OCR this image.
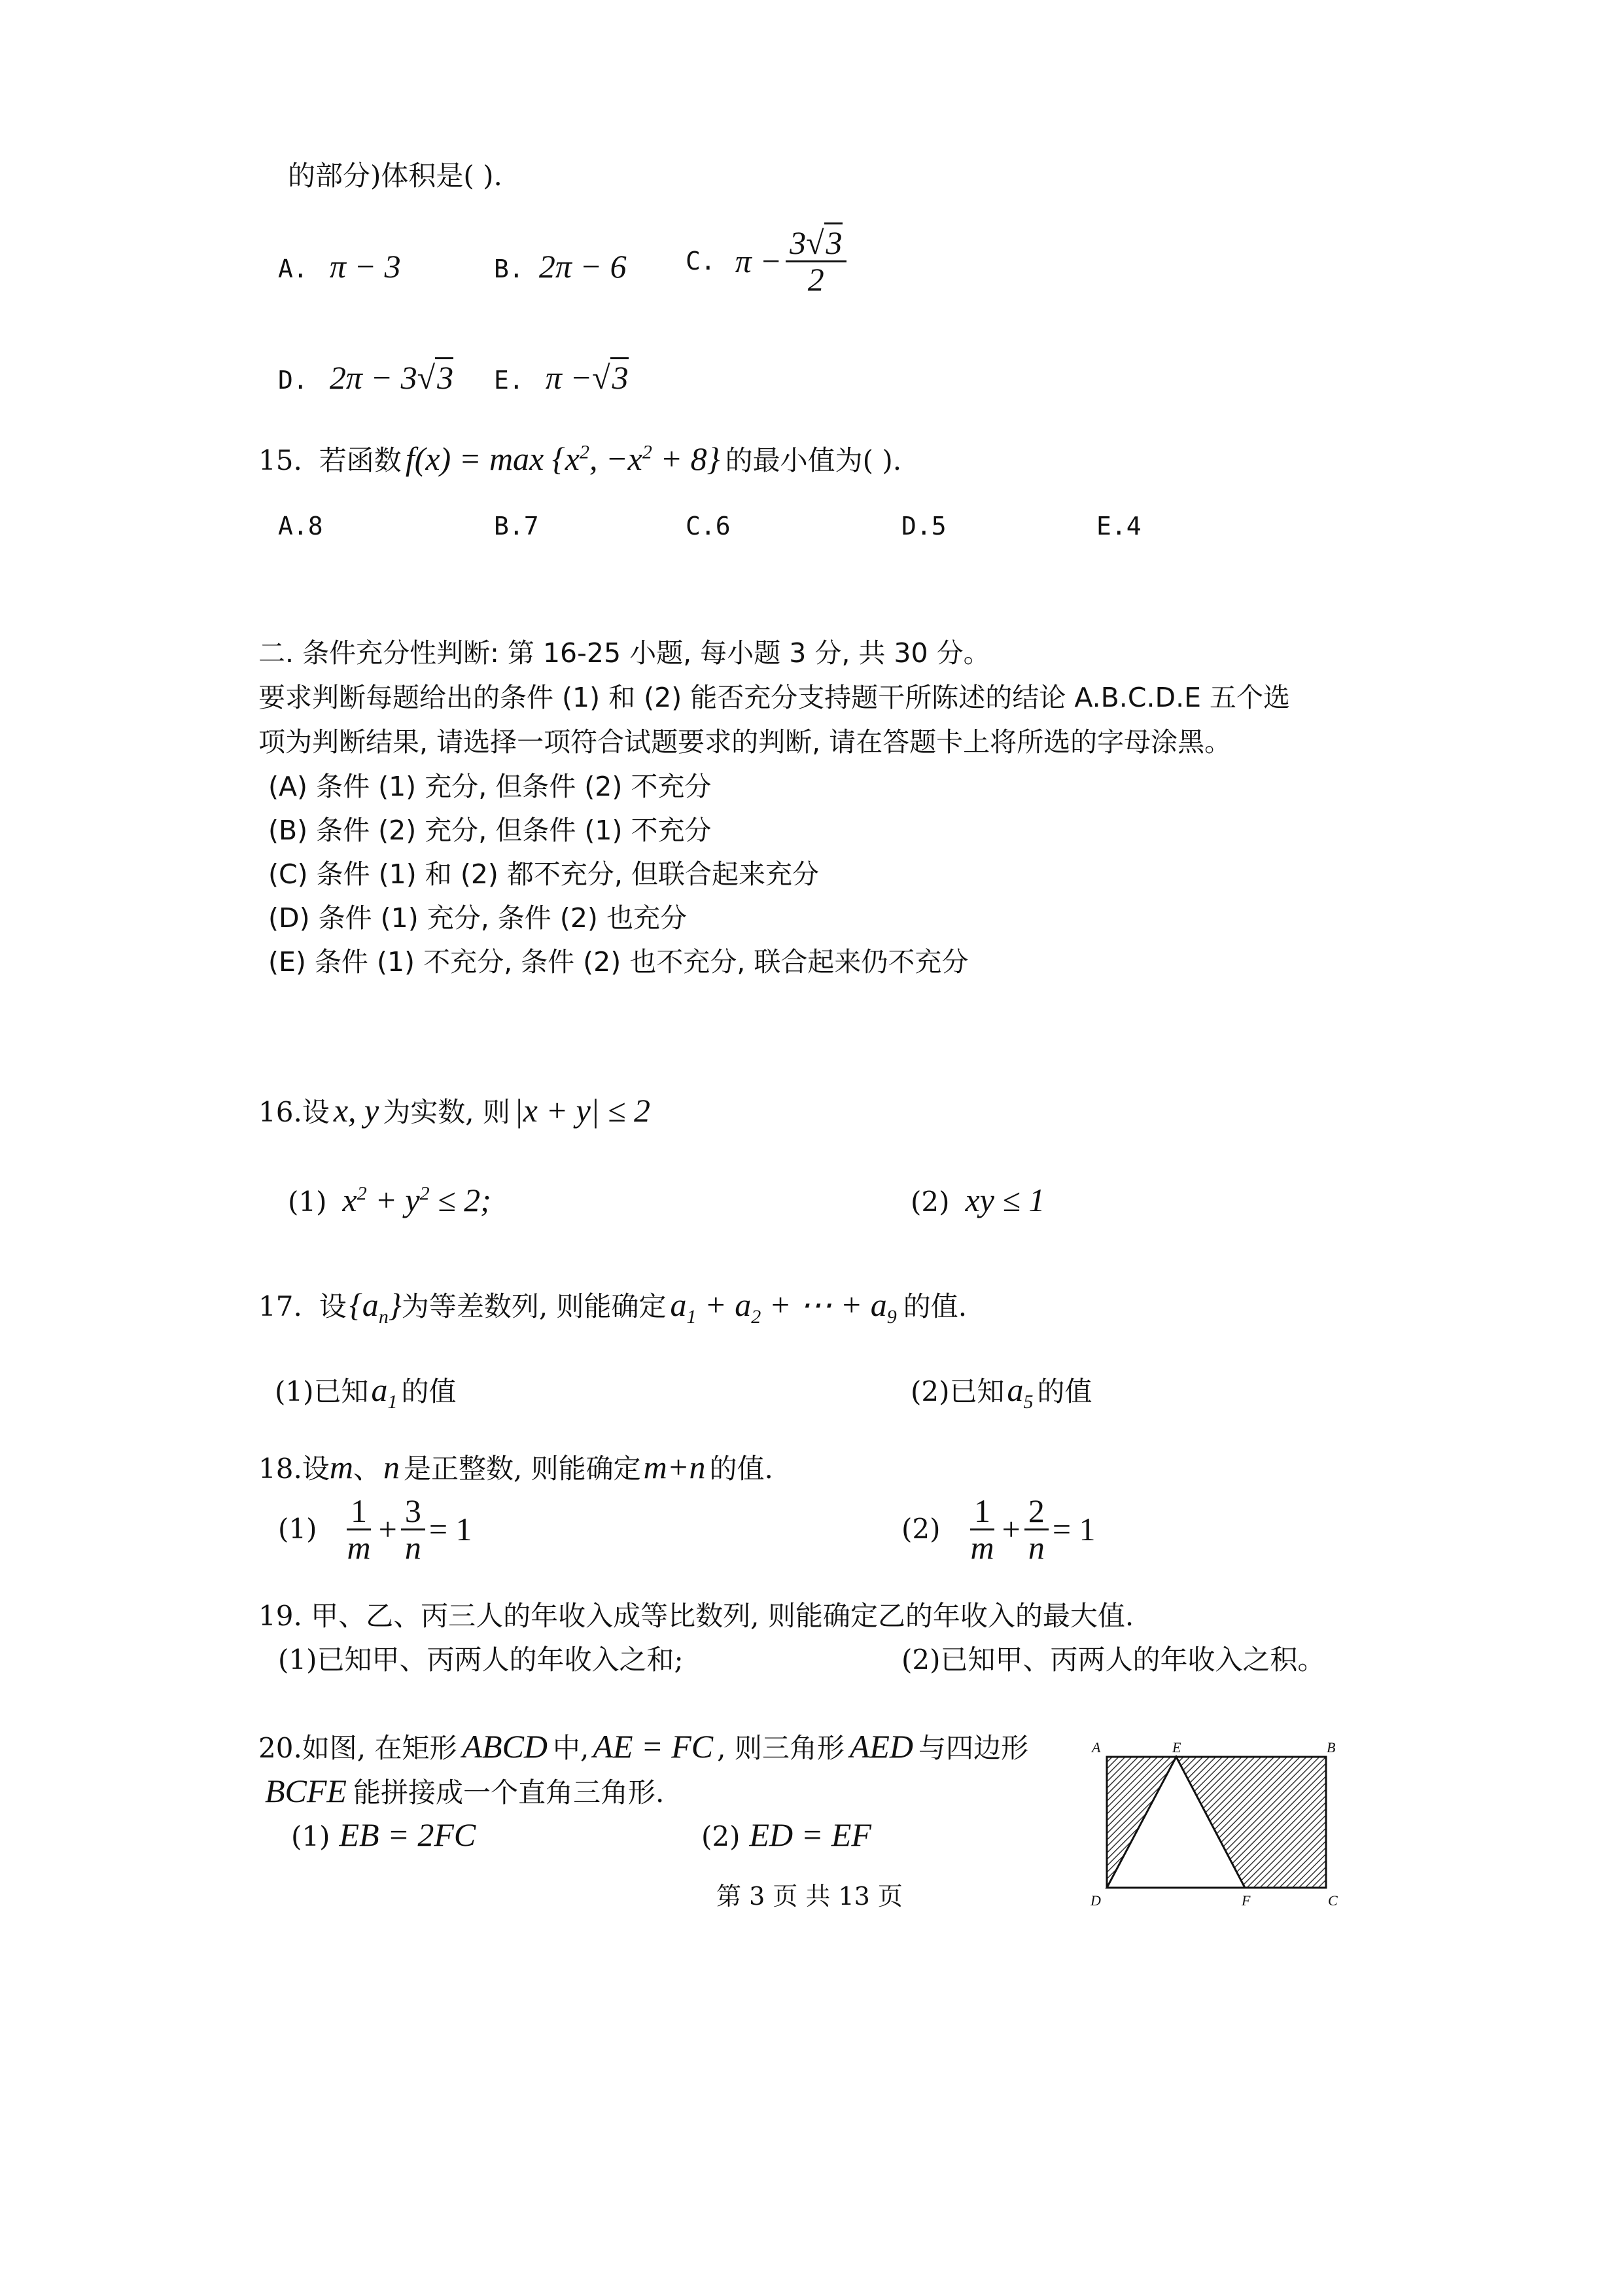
的部分)体积是( ).
A. π − 3	B. 2π − 6 C. $\pi - \frac{3√3}{2}$
D. 2π − 3√3 E. π −√3
15. 若函数 $f(x) = \max \{x^2$, $-x^2 + 8$} 的最小值为( ).
A.8	B.7	C.6	D.5	E.4
二. 条件充分性判断: 第 16-25 小题, 每小题 3 分, 共 30 分。
要求判断每题给出的条件 (1) 和 (2) 能否充分支持题干所陈述的结论 A.B.C.D.E 五个选
项为判断结果, 请选择一项符合试题要求的判断, 请在答题卡上将所选的字母涂黑。
(A) 条件 (1) 充分, 但条件 (2) 不充分
(B) 条件 (2) 充分, 但条件 (1) 不充分
(C) 条件 (1) 和 (2) 都不充分, 但联合起来充分
(D) 条件 (1) 充分, 条件 (2) 也充分
(E) 条件 (1) 不充分, 条件 (2) 也不充分, 联合起来仍不充分
16. 设 x, y 为实数, 则 |x + y| ≤ 2
(1) $x^2 + y^2 \le 2$;	(2) xy ≤ 1
17. 设 $\{a_n\}$ 为等差数列, 则能确定 $a_1 + a_2$ + ⋯ + $a_9$ 的值.
(1)已知 $a_1$ 的值	(2)已知 $a_5$ 的值
18. 设 m 、 n 是正整数, 则能确定 m+n 的值.
$(1) \frac{1}{m} + \frac{3}{n} = 1$	$(2) \frac{1}{m} + \frac{2}{n} = 1$
19. 甲、乙、丙三人的年收入成等比数列, 则能确定乙的年收入的最大值.
(1)已知甲、丙两人的年收入之和;	(2)已知甲、丙两人的年收入之积。
20. 如图, 在矩形 ABCD 中, AE = FC , 则三角形 AED 与四边形
BCFE 能拼接成一个直角三角形.
(1) EB = 2FC	(2) ED = EF
A	E	B
D	F	C
第 3 页 共 13 页
